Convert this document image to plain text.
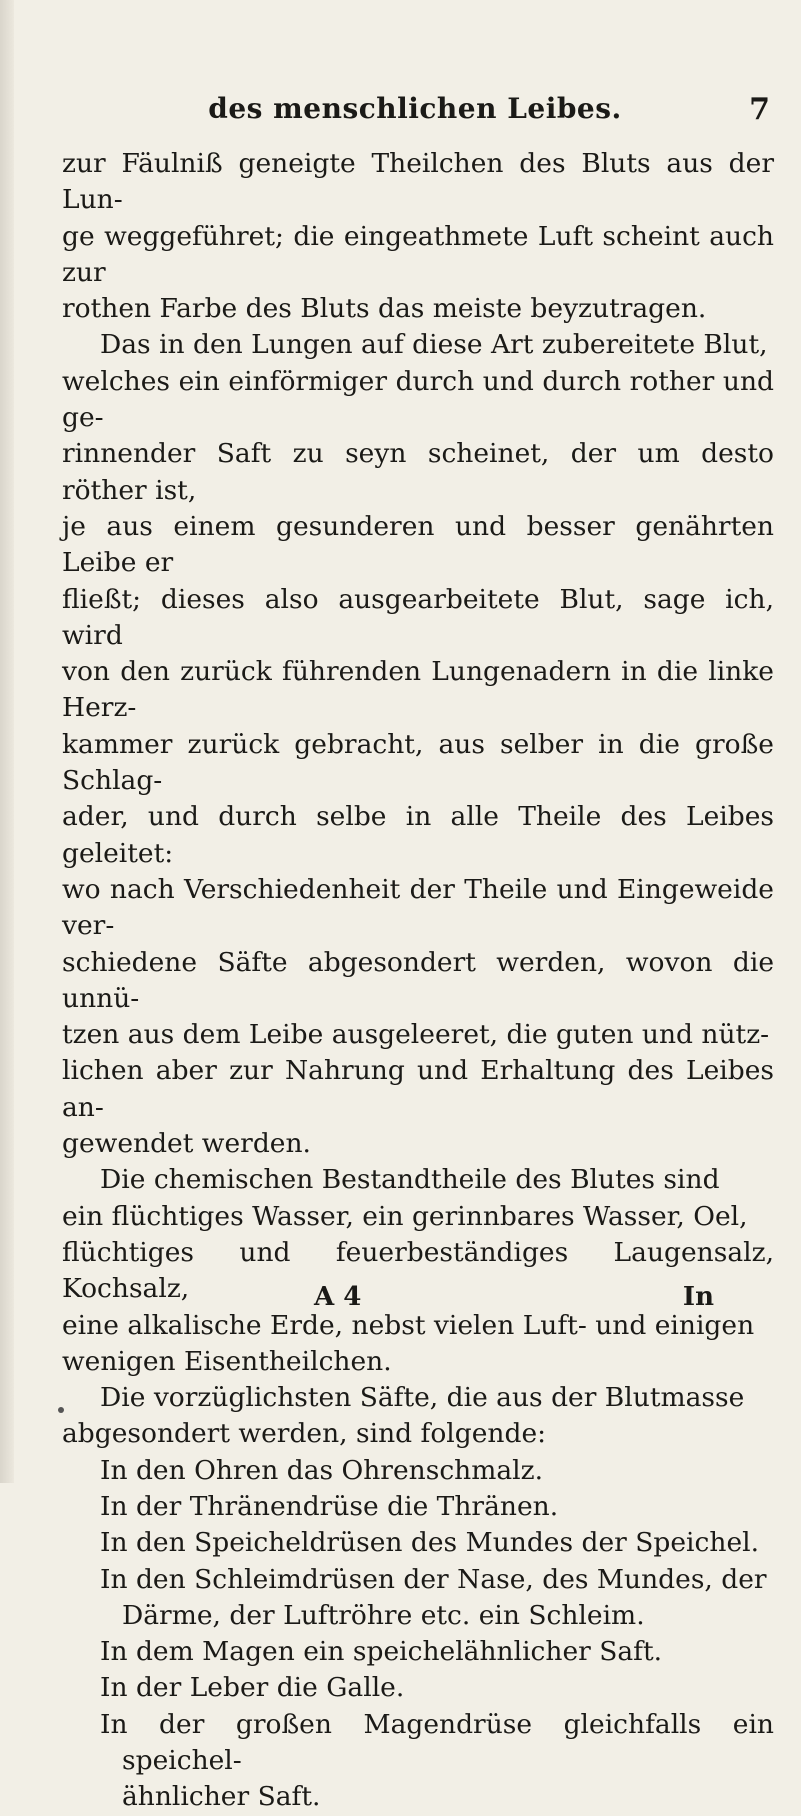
des menschlichen Leibes.	7

zur Fäulniß geneigte Theilchen des Bluts aus der Lun-
ge weggeführet; die eingeathmete Luft scheint auch zur
rothen Farbe des Bluts das meiste beyzutragen.

Das in den Lungen auf diese Art zubereitete Blut,
welches ein einförmiger durch und durch rother und ge-
rinnender Saft zu seyn scheinet, der um desto röther ist,
je aus einem gesunderen und besser genährten Leibe er
fließt; dieses also ausgearbeitete Blut, sage ich, wird
von den zurück führenden Lungenadern in die linke Herz-
kammer zurück gebracht, aus selber in die große Schlag-
ader, und durch selbe in alle Theile des Leibes geleitet:
wo nach Verschiedenheit der Theile und Eingeweide ver-
schiedene Säfte abgesondert werden, wovon die unnü-
tzen aus dem Leibe ausgeleeret, die guten und nütz-
lichen aber zur Nahrung und Erhaltung des Leibes an-
gewendet werden.

Die chemischen Bestandtheile des Blutes sind
ein flüchtiges Wasser, ein gerinnbares Wasser, Oel,
flüchtiges und feuerbeständiges Laugensalz, Kochsalz,
eine alkalische Erde, nebst vielen Luft- und einigen
wenigen Eisentheilchen.

Die vorzüglichsten Säfte, die aus der Blutmasse
abgesondert werden, sind folgende:

In den Ohren das Ohrenschmalz.

In der Thränendrüse die Thränen.

In den Speicheldrüsen des Mundes der Speichel.

In den Schleimdrüsen der Nase, des Mundes, der
Därme, der Luftröhre etc. ein Schleim.

In dem Magen ein speichelähnlicher Saft.

In der Leber die Galle.

In der großen Magendrüse gleichfalls ein speichel-
ähnlicher Saft.

A 4	In
